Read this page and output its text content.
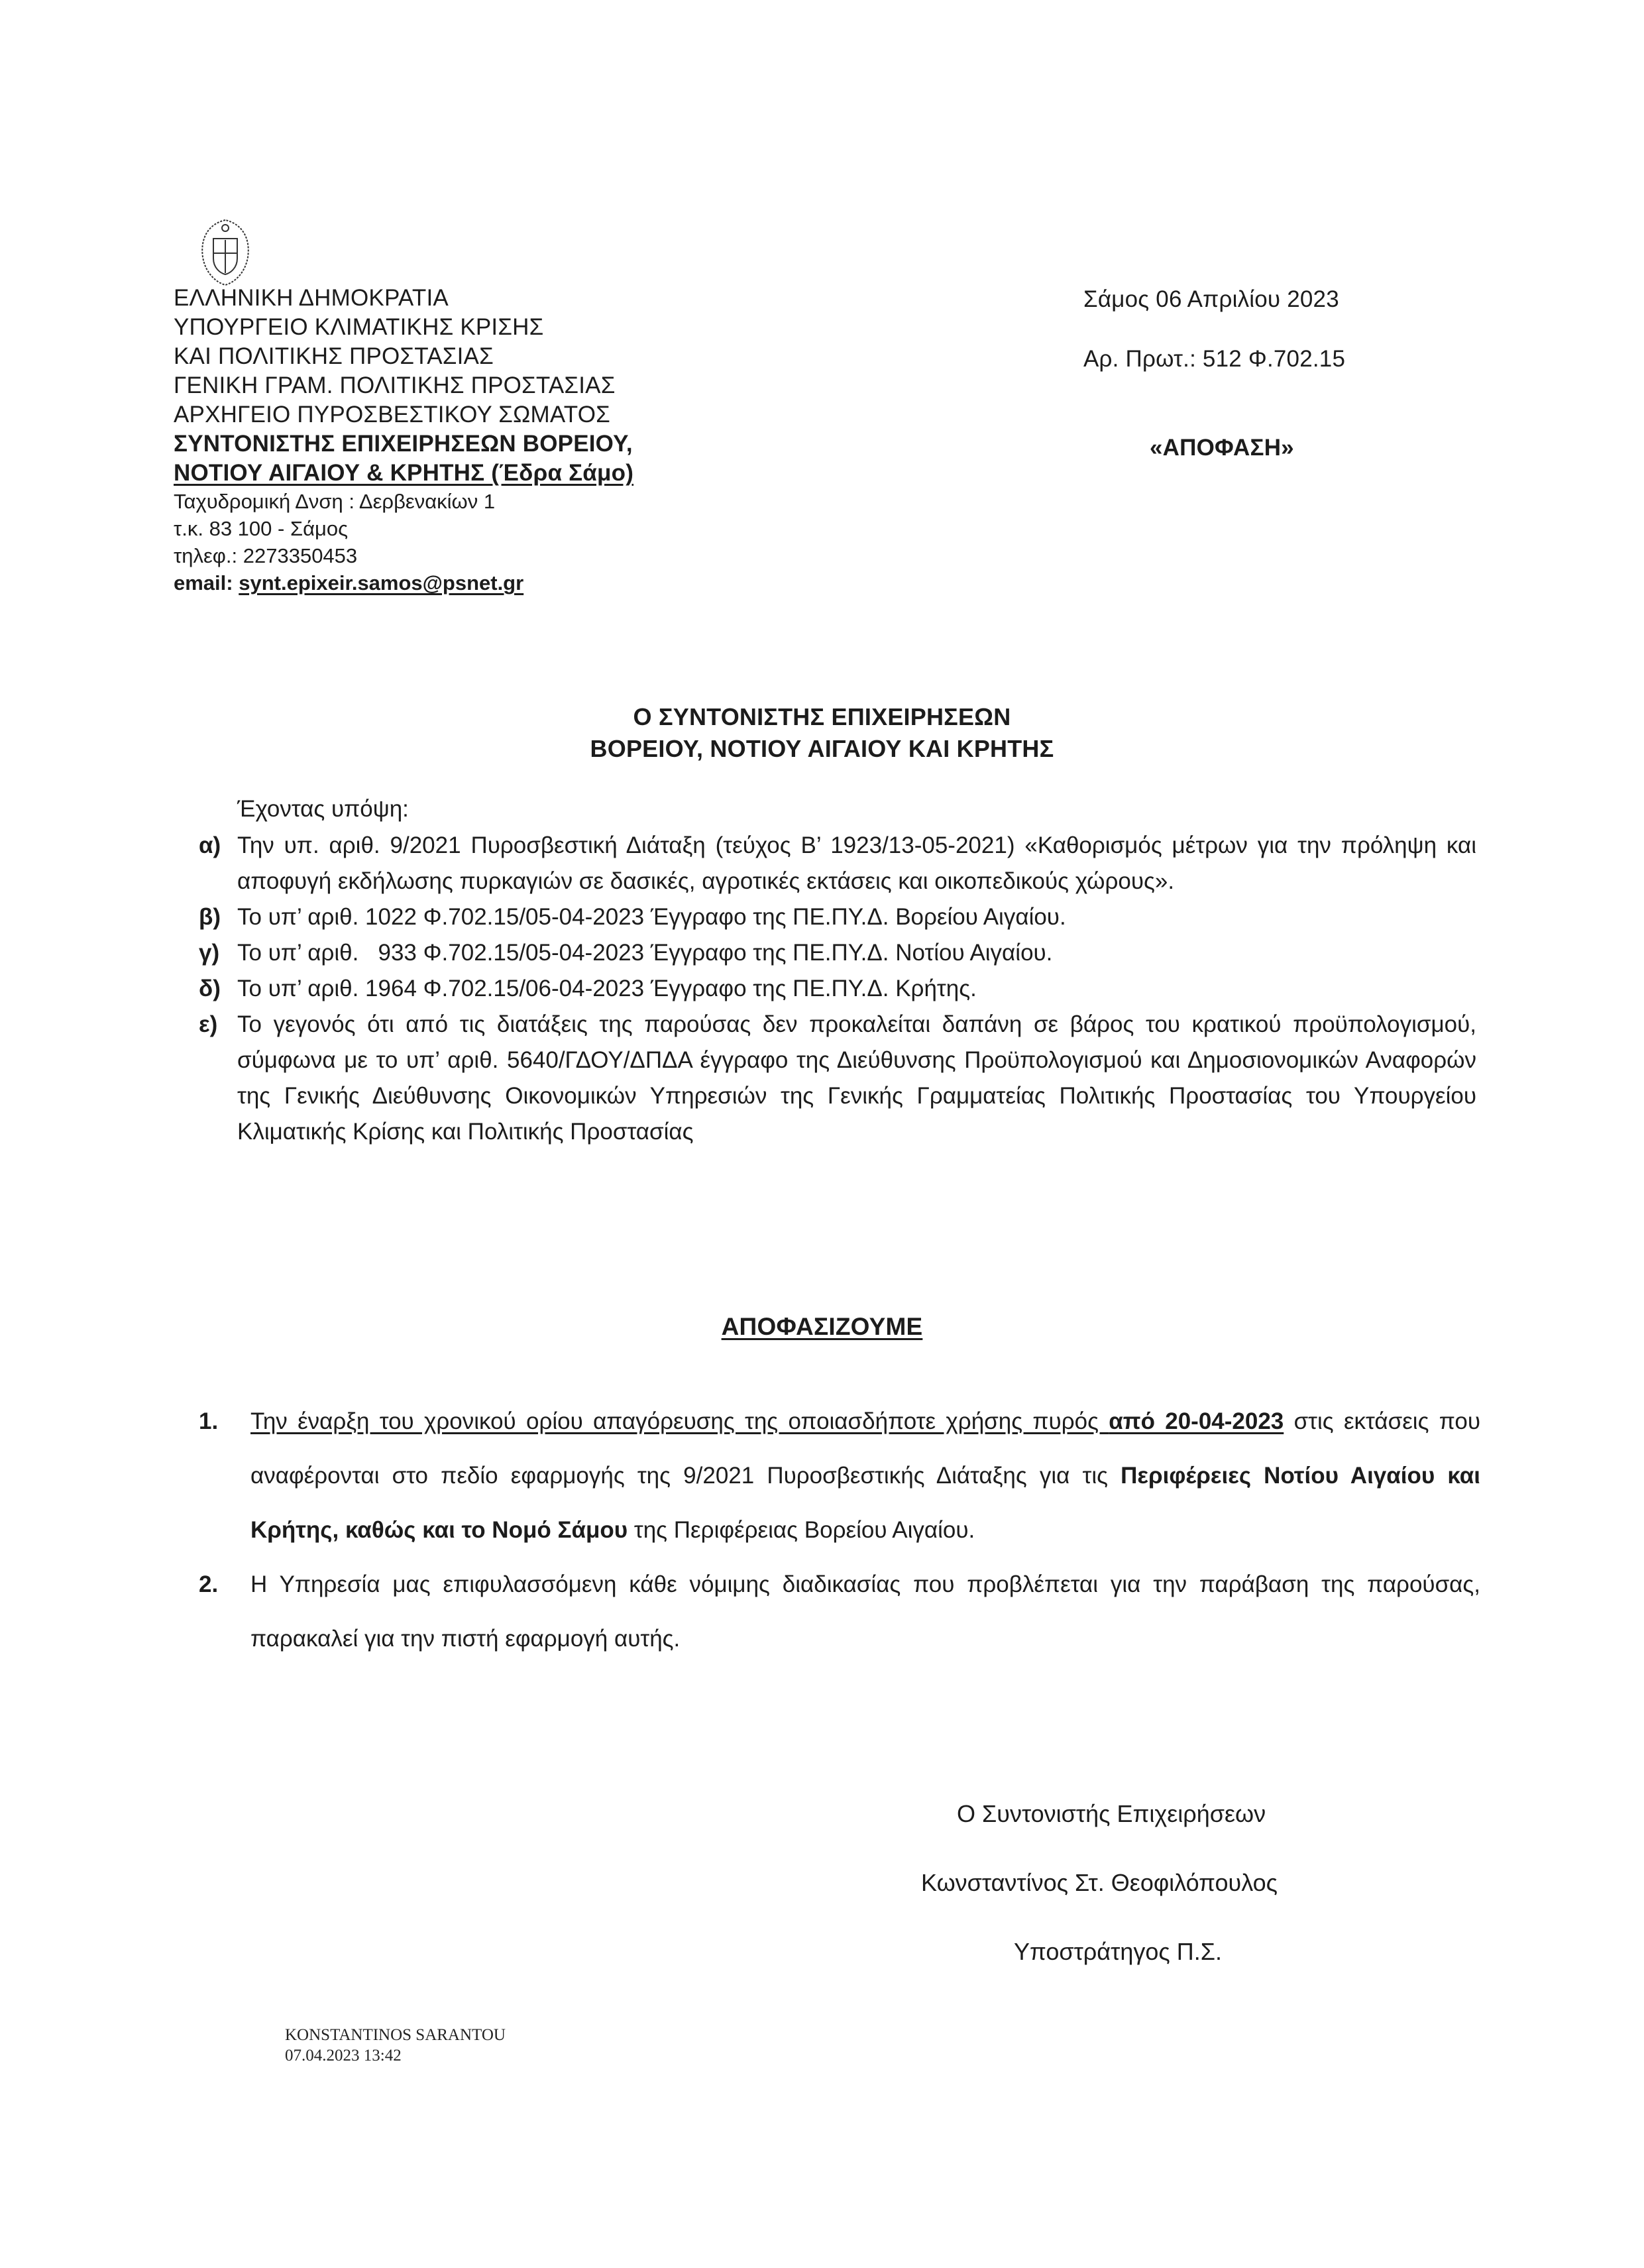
ΕΛΛΗΝΙΚΗ ΔΗΜΟΚΡΑΤΙΑ
ΥΠΟΥΡΓΕΙΟ ΚΛΙΜΑΤΙΚΗΣ ΚΡΙΣΗΣ
ΚΑΙ ΠΟΛΙΤΙΚΗΣ ΠΡΟΣΤΑΣΙΑΣ
ΓΕΝΙΚΗ ΓΡΑΜ. ΠΟΛΙΤΙΚΗΣ ΠΡΟΣΤΑΣΙΑΣ
ΑΡΧΗΓΕΙΟ ΠΥΡΟΣΒΕΣΤΙΚΟΥ ΣΩΜΑΤΟΣ
ΣΥΝΤΟΝΙΣΤΗΣ ΕΠΙΧΕΙΡΗΣΕΩΝ ΒΟΡΕΙΟΥ,
ΝΟΤΙΟΥ ΑΙΓΑΙΟΥ & ΚΡΗΤΗΣ (Έδρα Σάμο)
Ταχυδρομική Δνση : Δερβενακίων 1
τ.κ. 83 100 - Σάμος
τηλεφ.: 2273350453
email: synt.epixeir.samos@psnet.gr
Σάμος 06 Απριλίου 2023
Αρ. Πρωτ.: 512 Φ.702.15
«ΑΠΟΦΑΣΗ»
Ο ΣΥΝΤΟΝΙΣΤΗΣ ΕΠΙΧΕΙΡΗΣΕΩΝ
ΒΟΡΕΙΟΥ, ΝΟΤΙΟΥ ΑΙΓΑΙΟΥ ΚΑΙ ΚΡΗΤΗΣ
Έχοντας υπόψη:
α) Την υπ. αριθ. 9/2021 Πυροσβεστική Διάταξη (τεύχος Β’ 1923/13-05-2021) «Καθορισμός μέτρων για την πρόληψη και αποφυγή εκδήλωσης πυρκαγιών σε δασικές, αγροτικές εκτάσεις και οικοπεδικούς χώρους».
β) Το υπ’ αριθ. 1022 Φ.702.15/05-04-2023 Έγγραφο της ΠΕ.ΠΥ.Δ. Βορείου Αιγαίου.
γ) Το υπ’ αριθ.   933 Φ.702.15/05-04-2023 Έγγραφο της ΠΕ.ΠΥ.Δ. Νοτίου Αιγαίου.
δ) Το υπ’ αριθ. 1964 Φ.702.15/06-04-2023 Έγγραφο της ΠΕ.ΠΥ.Δ. Κρήτης.
ε) Το γεγονός ότι από τις διατάξεις της παρούσας δεν προκαλείται δαπάνη σε βάρος του κρατικού προϋπολογισμού, σύμφωνα με το υπ’ αριθ. 5640/ΓΔΟΥ/ΔΠΔΑ έγγραφο της Διεύθυνσης Προϋπολογισμού και Δημοσιονομικών Αναφορών της Γενικής Διεύθυνσης Οικονομικών Υπηρεσιών της Γενικής Γραμματείας Πολιτικής Προστασίας του Υπουργείου Κλιματικής Κρίσης και Πολιτικής Προστασίας
ΑΠΟΦΑΣΙΖΟΥΜΕ
1.	Την έναρξη του χρονικού ορίου απαγόρευσης της οποιασδήποτε χρήσης πυρός από 20-04-2023 στις εκτάσεις που αναφέρονται στο πεδίο εφαρμογής της 9/2021 Πυροσβεστικής Διάταξης για τις Περιφέρειες Νοτίου Αιγαίου και Κρήτης, καθώς και το Νομό Σάμου της Περιφέρειας Βορείου Αιγαίου.
2.	Η Υπηρεσία μας επιφυλασσόμενη κάθε νόμιμης διαδικασίας που προβλέπεται για την παράβαση της παρούσας, παρακαλεί για την πιστή εφαρμογή αυτής.
Ο Συντονιστής Επιχειρήσεων
Κωνσταντίνος Στ. Θεοφιλόπουλος
Υποστράτηγος Π.Σ.
KONSTANTINOS SARANTOU
07.04.2023 13:42
